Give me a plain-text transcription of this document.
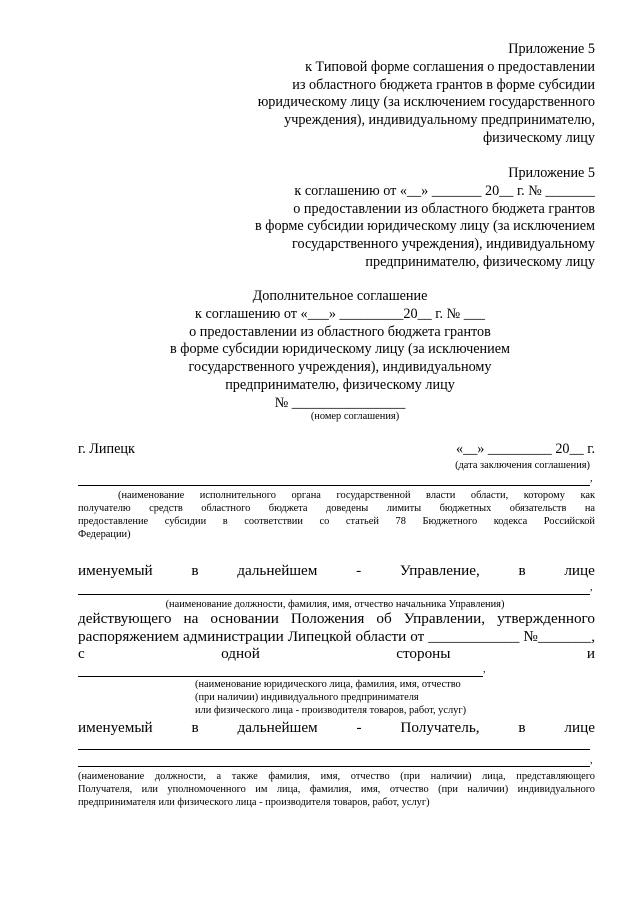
Приложение 5
к Типовой форме соглашения о предоставлении
из областного бюджета грантов в форме субсидии
юридическому лицу (за исключением государственного
учреждения), индивидуальному предпринимателю,
физическому лицу
Приложение 5
к соглашению от «__» _______ 20__ г. № _______
о предоставлении из областного бюджета грантов
в форме субсидии юридическому лицу (за исключением
государственного учреждения), индивидуальному
предпринимателю, физическому лицу
Дополнительное соглашение
к соглашению от «___» _________20__ г. № ___
о предоставлении из областного бюджета грантов
в форме субсидии юридическому лицу (за исключением
государственного учреждения), индивидуальному
предпринимателю, физическому лицу
№ ________________
(номер соглашения)
г. Липецк	«__» _________ 20__ г.
(дата заключения соглашения)
,
(наименование исполнительного органа государственной власти области, которому как
получателю средств областного бюджета доведены лимиты бюджетных обязательств на
предоставление субсидии в соответствии со статьей 78 Бюджетного кодекса Российской
Федерации)
именуемый	в	дальнейшем	-	Управление,	в	лице
,
(наименование должности, фамилия, имя, отчество начальника Управления)
действующего на основании Положения об Управлении, утвержденного
распоряжением администрации Липецкой области от ____________ №_______,
с	одной	стороны	и
,
(наименование юридического лица, фамилия, имя, отчество
(при наличии) индивидуального предпринимателя
или физического лица - производителя товаров, работ, услуг)
именуемый	в	дальнейшем	-	Получатель,	в	лице
,
(наименование должности, а также фамилия, имя, отчество (при наличии) лица, представляющего
Получателя, или уполномоченного им лица, фамилия, имя, отчество (при наличии) индивидуального
предпринимателя или физического лица - производителя товаров, работ, услуг)
